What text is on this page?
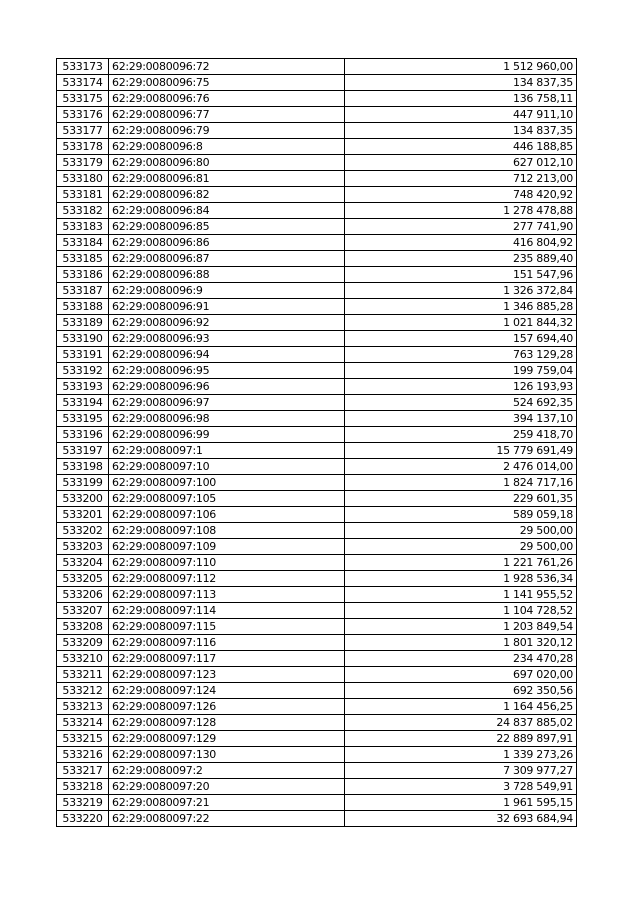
533173	62:29:0080096:72	1 512 960,00
533174	62:29:0080096:75	134 837,35
533175	62:29:0080096:76	136 758,11
533176	62:29:0080096:77	447 911,10
533177	62:29:0080096:79	134 837,35
533178	62:29:0080096:8	446 188,85
533179	62:29:0080096:80	627 012,10
533180	62:29:0080096:81	712 213,00
533181	62:29:0080096:82	748 420,92
533182	62:29:0080096:84	1 278 478,88
533183	62:29:0080096:85	277 741,90
533184	62:29:0080096:86	416 804,92
533185	62:29:0080096:87	235 889,40
533186	62:29:0080096:88	151 547,96
533187	62:29:0080096:9	1 326 372,84
533188	62:29:0080096:91	1 346 885,28
533189	62:29:0080096:92	1 021 844,32
533190	62:29:0080096:93	157 694,40
533191	62:29:0080096:94	763 129,28
533192	62:29:0080096:95	199 759,04
533193	62:29:0080096:96	126 193,93
533194	62:29:0080096:97	524 692,35
533195	62:29:0080096:98	394 137,10
533196	62:29:0080096:99	259 418,70
533197	62:29:0080097:1	15 779 691,49
533198	62:29:0080097:10	2 476 014,00
533199	62:29:0080097:100	1 824 717,16
533200	62:29:0080097:105	229 601,35
533201	62:29:0080097:106	589 059,18
533202	62:29:0080097:108	29 500,00
533203	62:29:0080097:109	29 500,00
533204	62:29:0080097:110	1 221 761,26
533205	62:29:0080097:112	1 928 536,34
533206	62:29:0080097:113	1 141 955,52
533207	62:29:0080097:114	1 104 728,52
533208	62:29:0080097:115	1 203 849,54
533209	62:29:0080097:116	1 801 320,12
533210	62:29:0080097:117	234 470,28
533211	62:29:0080097:123	697 020,00
533212	62:29:0080097:124	692 350,56
533213	62:29:0080097:126	1 164 456,25
533214	62:29:0080097:128	24 837 885,02
533215	62:29:0080097:129	22 889 897,91
533216	62:29:0080097:130	1 339 273,26
533217	62:29:0080097:2	7 309 977,27
533218	62:29:0080097:20	3 728 549,91
533219	62:29:0080097:21	1 961 595,15
533220	62:29:0080097:22	32 693 684,94
